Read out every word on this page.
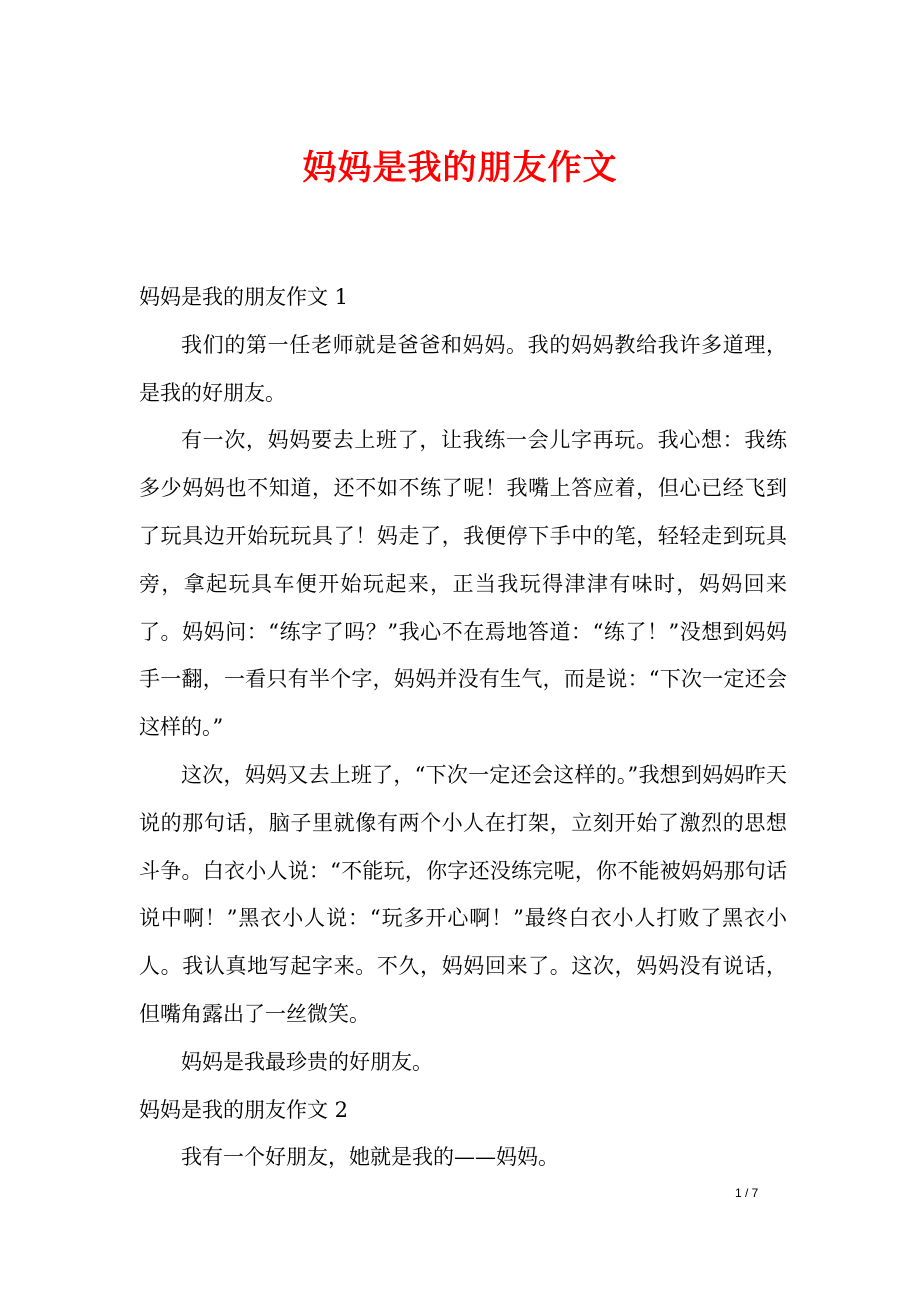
妈妈是我的朋友作文

妈妈是我的朋友作文 1

我们的第一任老师就是爸爸和妈妈。我的妈妈教给我许多道理，是我的好朋友。

有一次，妈妈要去上班了，让我练一会儿字再玩。我心想：我练多少妈妈也不知道，还不如不练了呢！我嘴上答应着，但心已经飞到了玩具边开始玩玩具了！妈走了，我便停下手中的笔，轻轻走到玩具旁，拿起玩具车便开始玩起来，正当我玩得津津有味时，妈妈回来了。妈妈问：“练字了吗？”我心不在焉地答道：“练了！”没想到妈妈手一翻，一看只有半个字，妈妈并没有生气，而是说：“下次一定还会这样的。”

这次，妈妈又去上班了，“下次一定还会这样的。”我想到妈妈昨天说的那句话，脑子里就像有两个小人在打架，立刻开始了激烈的思想斗争。白衣小人说：“不能玩，你字还没练完呢，你不能被妈妈那句话说中啊！”黑衣小人说：“玩多开心啊！”最终白衣小人打败了黑衣小人。我认真地写起字来。不久，妈妈回来了。这次，妈妈没有说话，但嘴角露出了一丝微笑。

妈妈是我最珍贵的好朋友。

妈妈是我的朋友作文 2

我有一个好朋友，她就是我的——妈妈。

1 / 7
